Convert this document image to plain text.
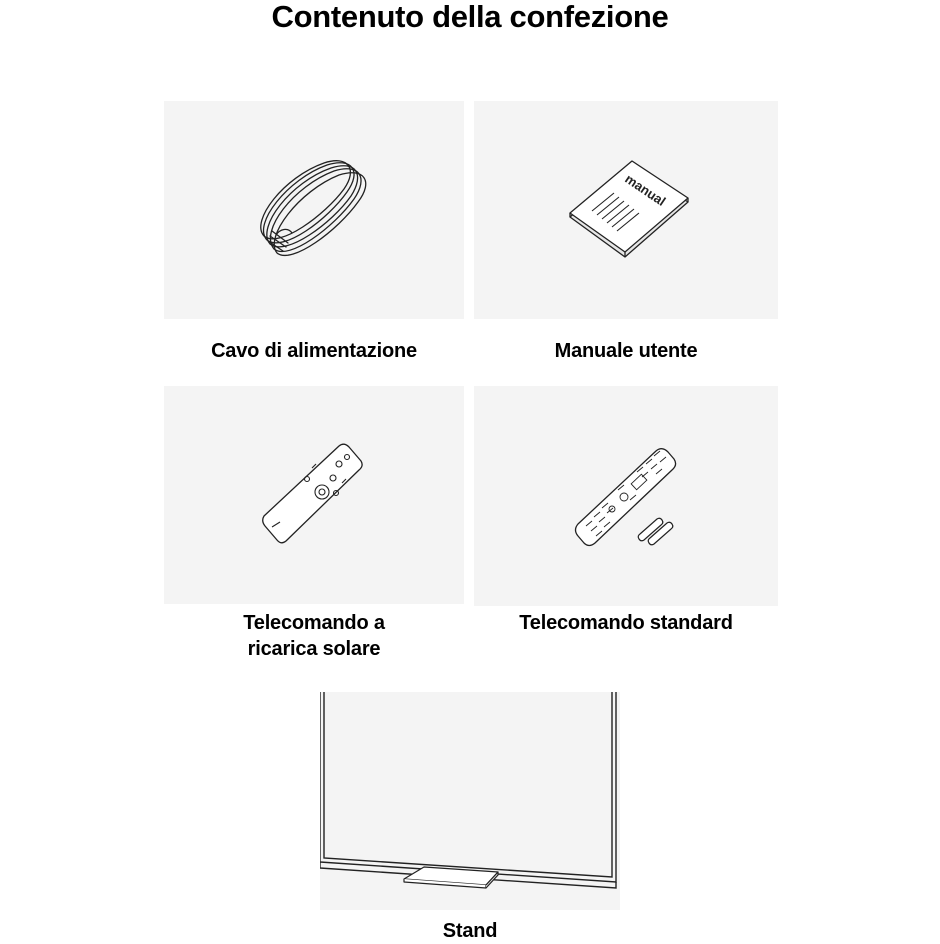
Contenuto della confezione
Cavo di alimentazione
manual
Manuale utente
Telecomando a
ricarica solare
Telecomando standard
Stand
